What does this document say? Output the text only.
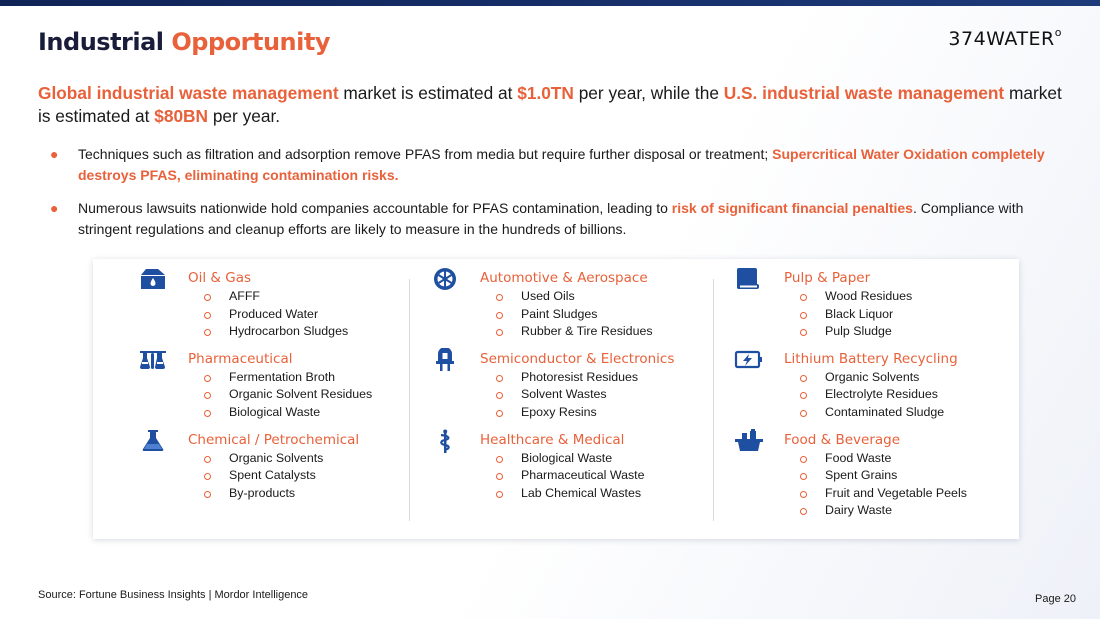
Industrial Opportunity	374WATER$^o$

Global industrial waste management market is estimated at $1.0TN per year, while the U.S. industrial waste management market is estimated at $80BN per year.

● Techniques such as filtration and adsorption remove PFAS from media but require further disposal or treatment; Supercritical Water Oxidation completely destroys PFAS, eliminating contamination risks.
● Numerous lawsuits nationwide hold companies accountable for PFAS contamination, leading to risk of significant financial penalties. Compliance with stringent regulations and cleanup efforts are likely to measure in the hundreds of billions.
Oil & Gas
AFFF
Produced Water
Hydrocarbon Sludges
Pharmaceutical
Fermentation Broth
Organic Solvent Residues
Biological Waste
Chemical / Petrochemical
Organic Solvents
Spent Catalysts
By-products
Automotive & Aerospace
Used Oils
Paint Sludges
Rubber & Tire Residues
Semiconductor & Electronics
Photoresist Residues
Solvent Wastes
Epoxy Resins
Healthcare & Medical
Biological Waste
Pharmaceutical Waste
Lab Chemical Wastes
Pulp & Paper
Wood Residues
Black Liquor
Pulp Sludge
Lithium Battery Recycling
Organic Solvents
Electrolyte Residues
Contaminated Sludge
Food & Beverage
Food Waste
Spent Grains
Fruit and Vegetable Peels
Dairy Waste
Source: Fortune Business Insights | Mordor Intelligence	Page 20
